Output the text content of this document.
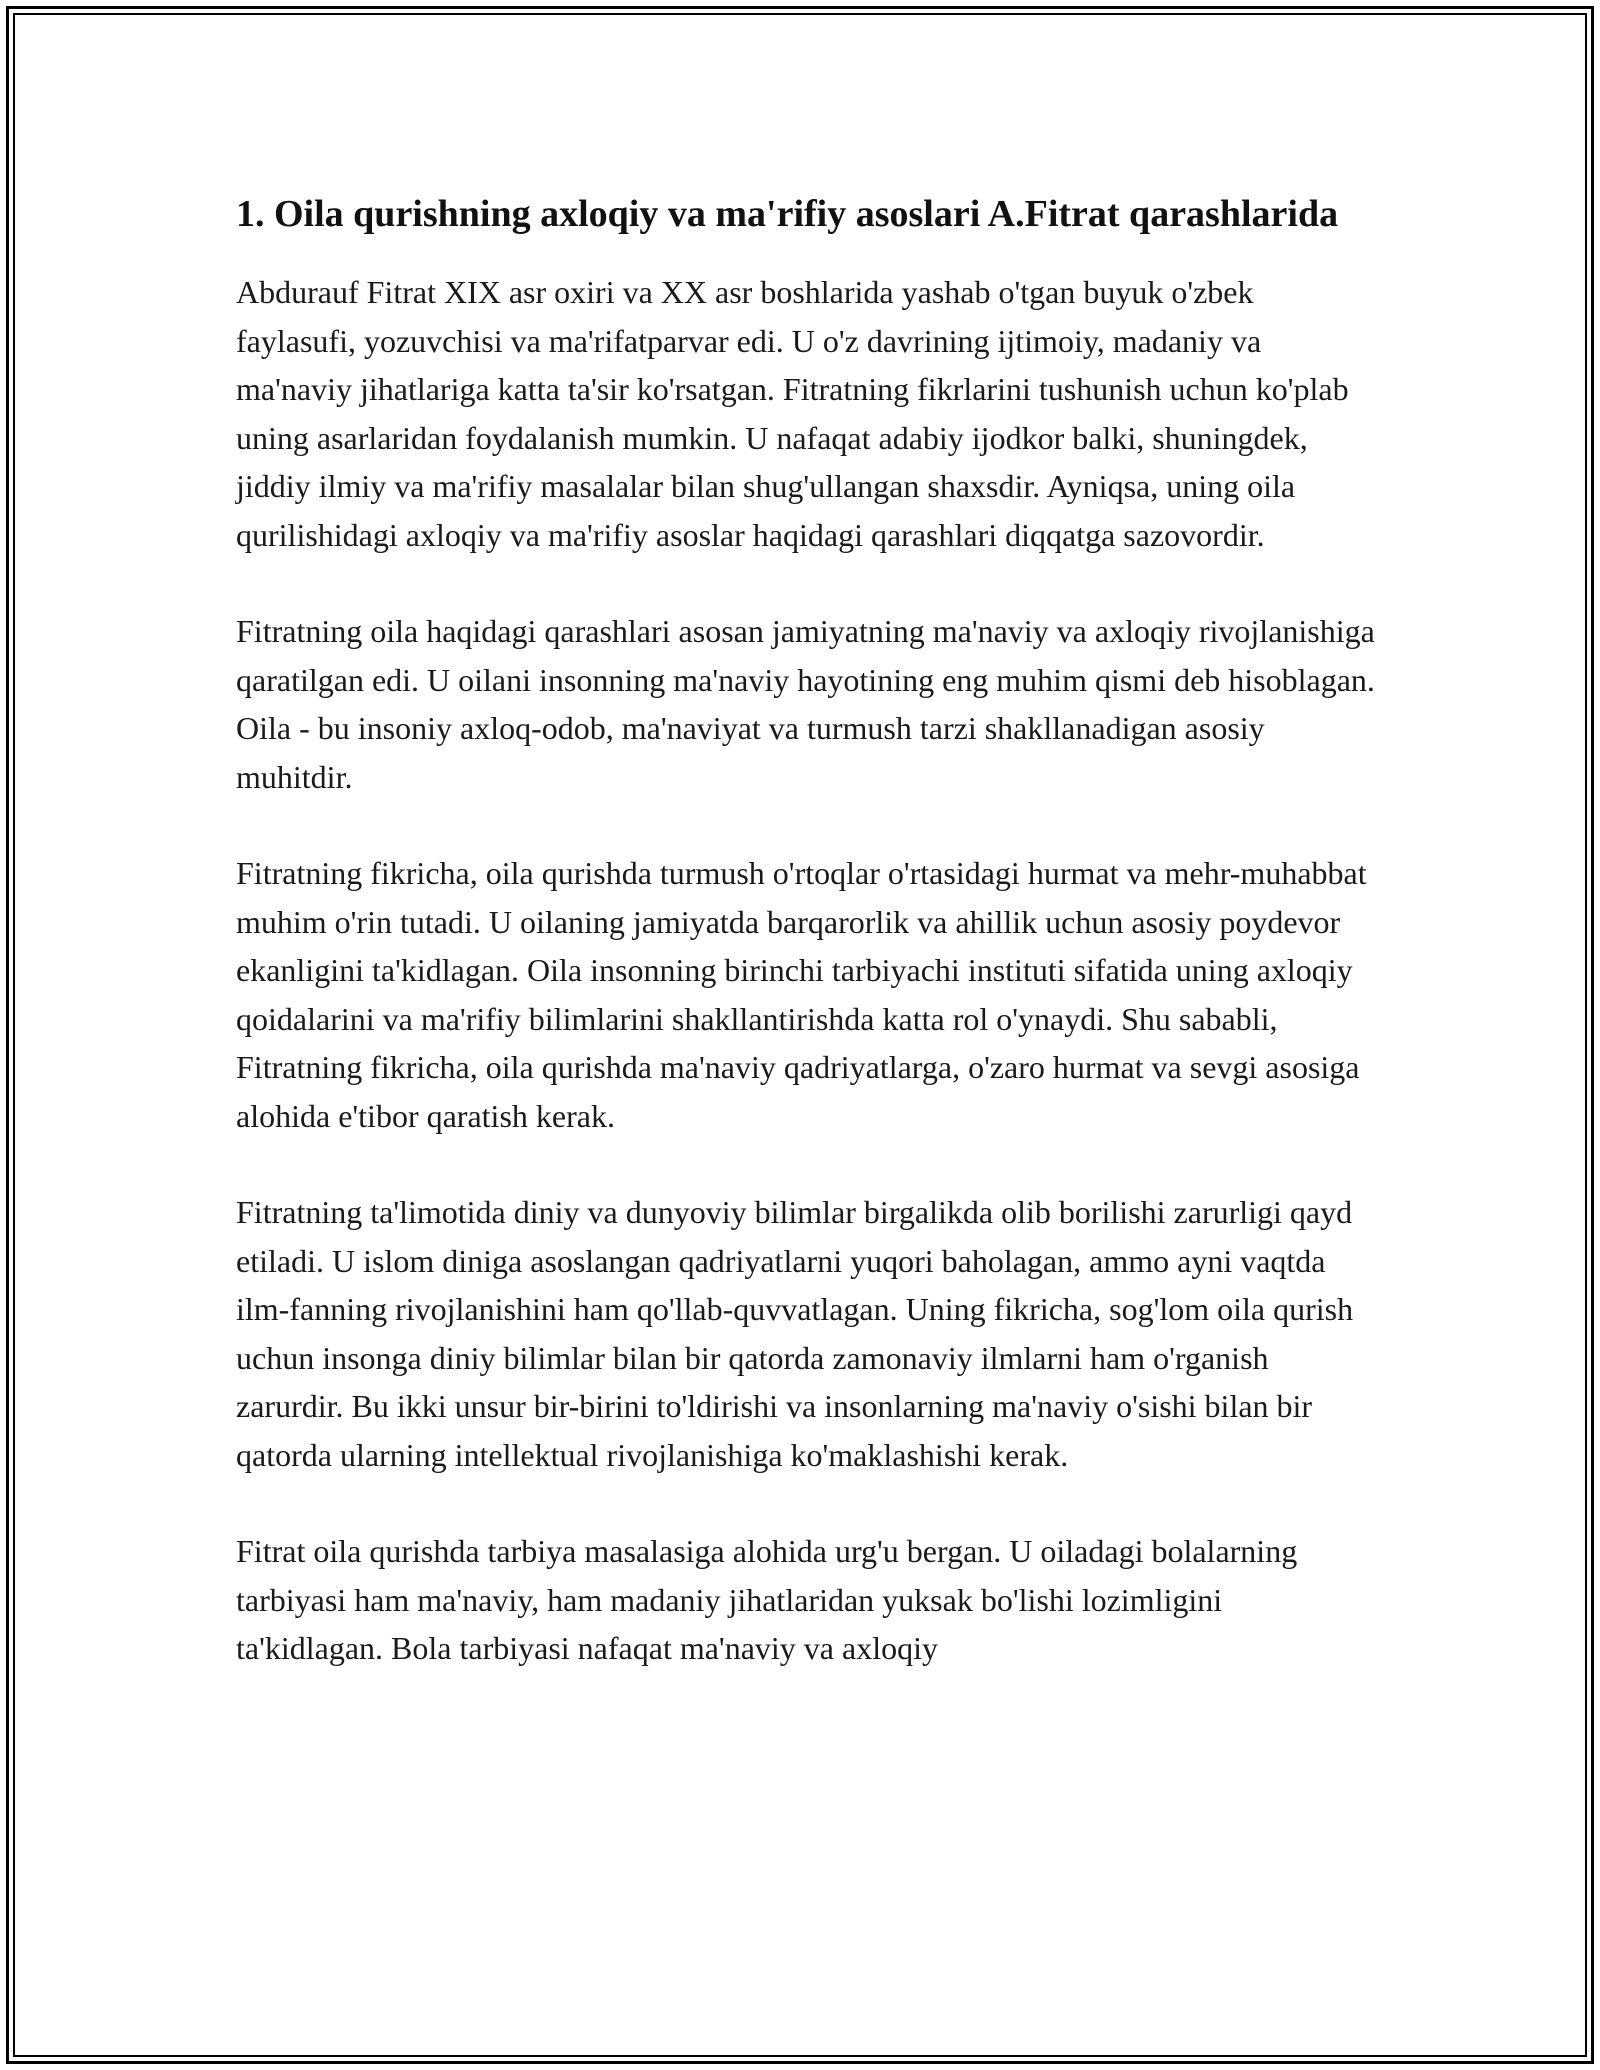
1. Oila qurishning axloqiy va ma'rifiy asoslari A.Fitrat qarashlarida

Abdurauf Fitrat XIX asr oxiri va XX asr boshlarida yashab o'tgan buyuk o'zbek faylasufi, yozuvchisi va ma'rifatparvar edi. U o'z davrining ijtimoiy, madaniy va ma'naviy jihatlariga katta ta'sir ko'rsatgan. Fitratning fikrlarini tushunish uchun ko'plab uning asarlaridan foydalanish mumkin. U nafaqat adabiy ijodkor balki, shuningdek, jiddiy ilmiy va ma'rifiy masalalar bilan shug'ullangan shaxsdir. Ayniqsa, uning oila qurilishidagi axloqiy va ma'rifiy asoslar haqidagi qarashlari diqqatga sazovordir.

Fitratning oila haqidagi qarashlari asosan jamiyatning ma'naviy va axloqiy rivojlanishiga qaratilgan edi. U oilani insonning ma'naviy hayotining eng muhim qismi deb hisoblagan. Oila - bu insoniy axloq-odob, ma'naviyat va turmush tarzi shakllanadigan asosiy muhitdir.

Fitratning fikricha, oila qurishda turmush o'rtoqlar o'rtasidagi hurmat va mehr-muhabbat muhim o'rin tutadi. U oilaning jamiyatda barqarorlik va ahillik uchun asosiy poydevor ekanligini ta'kidlagan. Oila insonning birinchi tarbiyachi instituti sifatida uning axloqiy qoidalarini va ma'rifiy bilimlarini shakllantirishda katta rol o'ynaydi. Shu sababli, Fitratning fikricha, oila qurishda ma'naviy qadriyatlarga, o'zaro hurmat va sevgi asosiga alohida e'tibor qaratish kerak.

Fitratning ta'limotida diniy va dunyoviy bilimlar birgalikda olib borilishi zarurligi qayd etiladi. U islom diniga asoslangan qadriyatlarni yuqori baholagan, ammo ayni vaqtda ilm-fanning rivojlanishini ham qo'llab-quvvatlagan. Uning fikricha, sog'lom oila qurish uchun insonga diniy bilimlar bilan bir qatorda zamonaviy ilmlarni ham o'rganish zarurdir. Bu ikki unsur bir-birini to'ldirishi va insonlarning ma'naviy o'sishi bilan bir qatorda ularning intellektual rivojlanishiga ko'maklashishi kerak.

Fitrat oila qurishda tarbiya masalasiga alohida urg'u bergan. U oiladagi bolalarning tarbiyasi ham ma'naviy, ham madaniy jihatlaridan yuksak bo'lishi lozimligini ta'kidlagan. Bola tarbiyasi nafaqat ma'naviy va axloqiy
